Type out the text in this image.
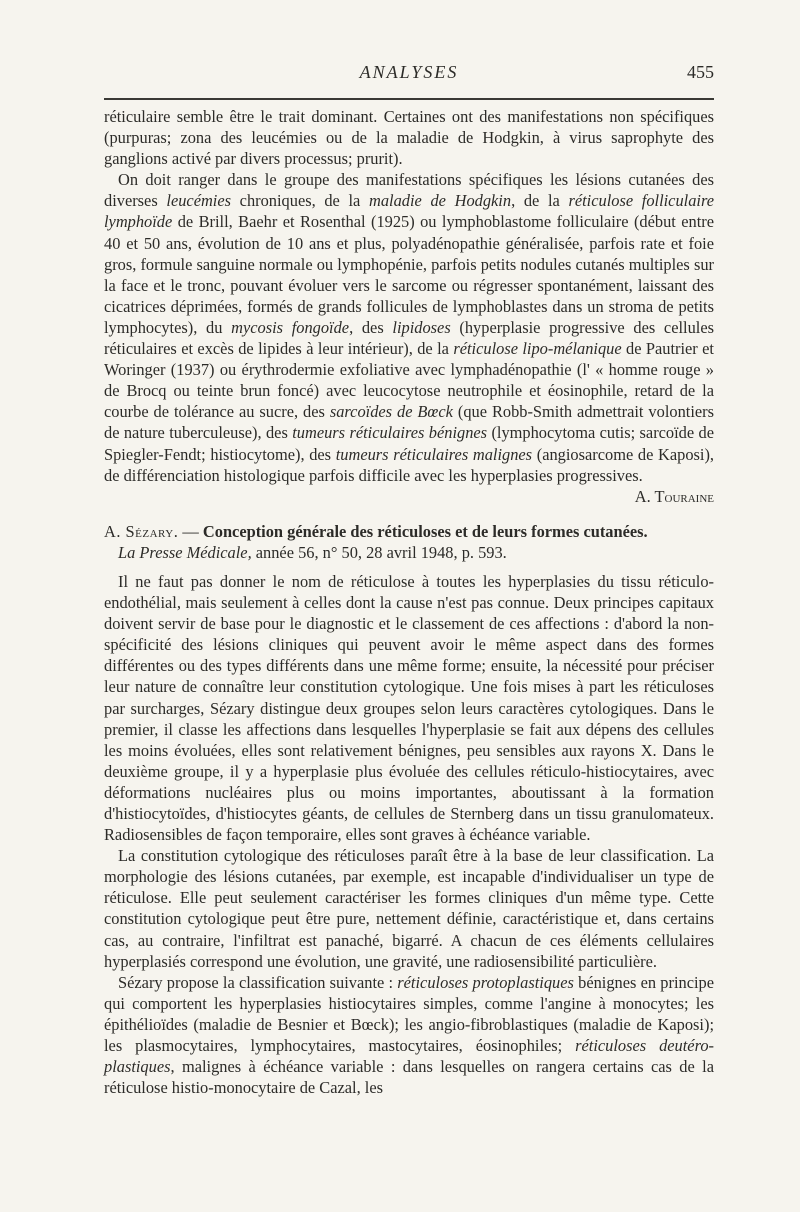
ANALYSES	455

réticulaire semble être le trait dominant. Certaines ont des manifestations non spécifiques (purpuras; zona des leucémies ou de la maladie de Hodgkin, à virus saprophyte des ganglions activé par divers processus; prurit).

On doit ranger dans le groupe des manifestations spécifiques les lésions cutanées des diverses leucémies chroniques, de la maladie de Hodgkin, de la réticulose folliculaire lymphoïde de Brill, Baehr et Rosenthal (1925) ou lymphoblastome folliculaire (début entre 40 et 50 ans, évolution de 10 ans et plus, polyadénopathie généralisée, parfois rate et foie gros, formule sanguine normale ou lymphopénie, parfois petits nodules cutanés multiples sur la face et le tronc, pouvant évoluer vers le sarcome ou régresser spontanément, laissant des cicatrices déprimées, formés de grands follicules de lymphoblastes dans un stroma de petits lymphocytes), du mycosis fongoïde, des lipidoses (hyperplasie progressive des cellules réticulaires et excès de lipides à leur intérieur), de la réticulose lipo-mélanique de Pautrier et Woringer (1937) ou érythrodermie exfoliative avec lymphadénopathie (l' « homme rouge » de Brocq ou teinte brun foncé) avec leucocytose neutrophile et éosinophile, retard de la courbe de tolérance au sucre, des sarcoïdes de Bœck (que Robb-Smith admettrait volontiers de nature tuberculeuse), des tumeurs réticulaires bénignes (lymphocytoma cutis; sarcoïde de Spiegler-Fendt; histiocytome), des tumeurs réticulaires malignes (angiosarcome de Kaposi), de différenciation histologique parfois difficile avec les hyperplasies progressives.

A. Touraine
A. Sézary. — Conception générale des réticuloses et de leurs formes cutanées.
La Presse Médicale, année 56, n° 50, 28 avril 1948, p. 593.

Il ne faut pas donner le nom de réticulose à toutes les hyperplasies du tissu réticulo-endothélial, mais seulement à celles dont la cause n'est pas connue. Deux principes capitaux doivent servir de base pour le diagnostic et le classement de ces affections : d'abord la non-spécificité des lésions cliniques qui peuvent avoir le même aspect dans des formes différentes ou des types différents dans une même forme; ensuite, la nécessité pour préciser leur nature de connaître leur constitution cytologique. Une fois mises à part les réticuloses par surcharges, Sézary distingue deux groupes selon leurs caractères cytologiques. Dans le premier, il classe les affections dans lesquelles l'hyperplasie se fait aux dépens des cellules les moins évoluées, elles sont relativement bénignes, peu sensibles aux rayons X. Dans le deuxième groupe, il y a hyperplasie plus évoluée des cellules réticulo-histiocytaires, avec déformations nucléaires plus ou moins importantes, aboutissant à la formation d'histiocytoïdes, d'histiocytes géants, de cellules de Sternberg dans un tissu granulomateux. Radiosensibles de façon temporaire, elles sont graves à échéance variable.

La constitution cytologique des réticuloses paraît être à la base de leur classification. La morphologie des lésions cutanées, par exemple, est incapable d'individualiser un type de réticulose. Elle peut seulement caractériser les formes cliniques d'un même type. Cette constitution cytologique peut être pure, nettement définie, caractéristique et, dans certains cas, au contraire, l'infiltrat est panaché, bigarré. A chacun de ces éléments cellulaires hyperplasiés correspond une évolution, une gravité, une radiosensibilité particulière.

Sézary propose la classification suivante : réticuloses protoplastiques bénignes en principe qui comportent les hyperplasies histiocytaires simples, comme l'angine à monocytes; les épithélioïdes (maladie de Besnier et Bœck); les angio-fibroblastiques (maladie de Kaposi); les plasmocytaires, lymphocytaires, mastocytaires, éosinophiles; réticuloses deutéro-plastiques, malignes à échéance variable : dans lesquelles on rangera certains cas de la réticulose histio-monocytaire de Cazal, les
